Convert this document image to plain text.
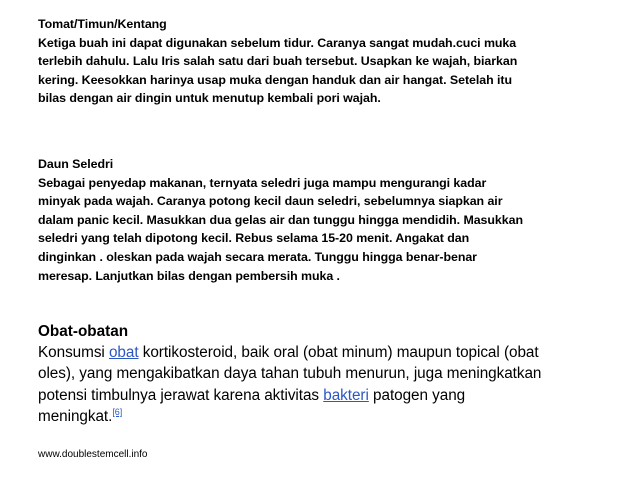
Tomat/Timun/Kentang
Ketiga buah ini dapat digunakan sebelum tidur. Caranya sangat mudah.cuci muka
terlebih dahulu. Lalu Iris salah satu dari buah tersebut. Usapkan ke wajah, biarkan
kering. Keesokkan harinya usap muka dengan handuk dan air hangat. Setelah itu
bilas dengan air dingin untuk menutup kembali pori wajah.
Daun Seledri
Sebagai penyedap makanan, ternyata seledri juga mampu mengurangi kadar
minyak pada wajah. Caranya potong kecil daun seledri, sebelumnya siapkan air
dalam panic kecil. Masukkan dua gelas air dan tunggu hingga mendidih. Masukkan
seledri yang telah dipotong kecil. Rebus selama 15-20 menit. Angakat dan
dinginkan . oleskan pada wajah secara merata. Tunggu hingga benar-benar
meresap. Lanjutkan bilas dengan pembersih muka .
Obat-obatan
Konsumsi obat kortikosteroid, baik oral (obat minum) maupun topical (obat
oles), yang mengakibatkan daya tahan tubuh menurun, juga meningkatkan
potensi timbulnya jerawat karena aktivitas bakteri patogen yang
meningkat.[6]
www.doublestemcell.info
